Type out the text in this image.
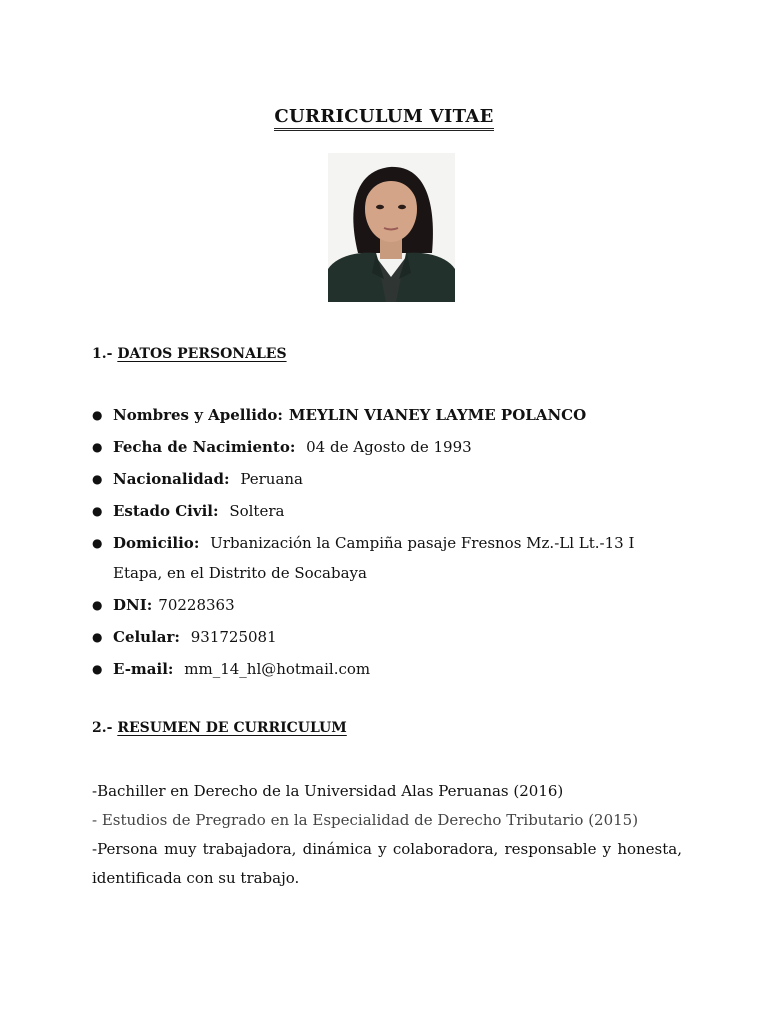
CURRICULUM VITAE
1.- DATOS PERSONALES
● Nombres y Apellido: MEYLIN VIANEY LAYME POLANCO
● Fecha de Nacimiento: 04 de Agosto de 1993
● Nacionalidad: Peruana
● Estado Civil: Soltera
● Domicilio: Urbanización la Campiña pasaje Fresnos Mz.-Ll Lt.-13 I
Etapa, en el Distrito de Socabaya
● DNI: 70228363
● Celular: 931725081
● E-mail: mm_14_hl@hotmail.com
2.- RESUMEN DE CURRICULUM

-Bachiller en Derecho de la Universidad Alas Peruanas (2016)

- Estudios de Pregrado en la Especialidad de Derecho Tributario (2015)

-Persona muy trabajadora, dinámica y colaboradora, responsable y honesta, identificada con su trabajo.
